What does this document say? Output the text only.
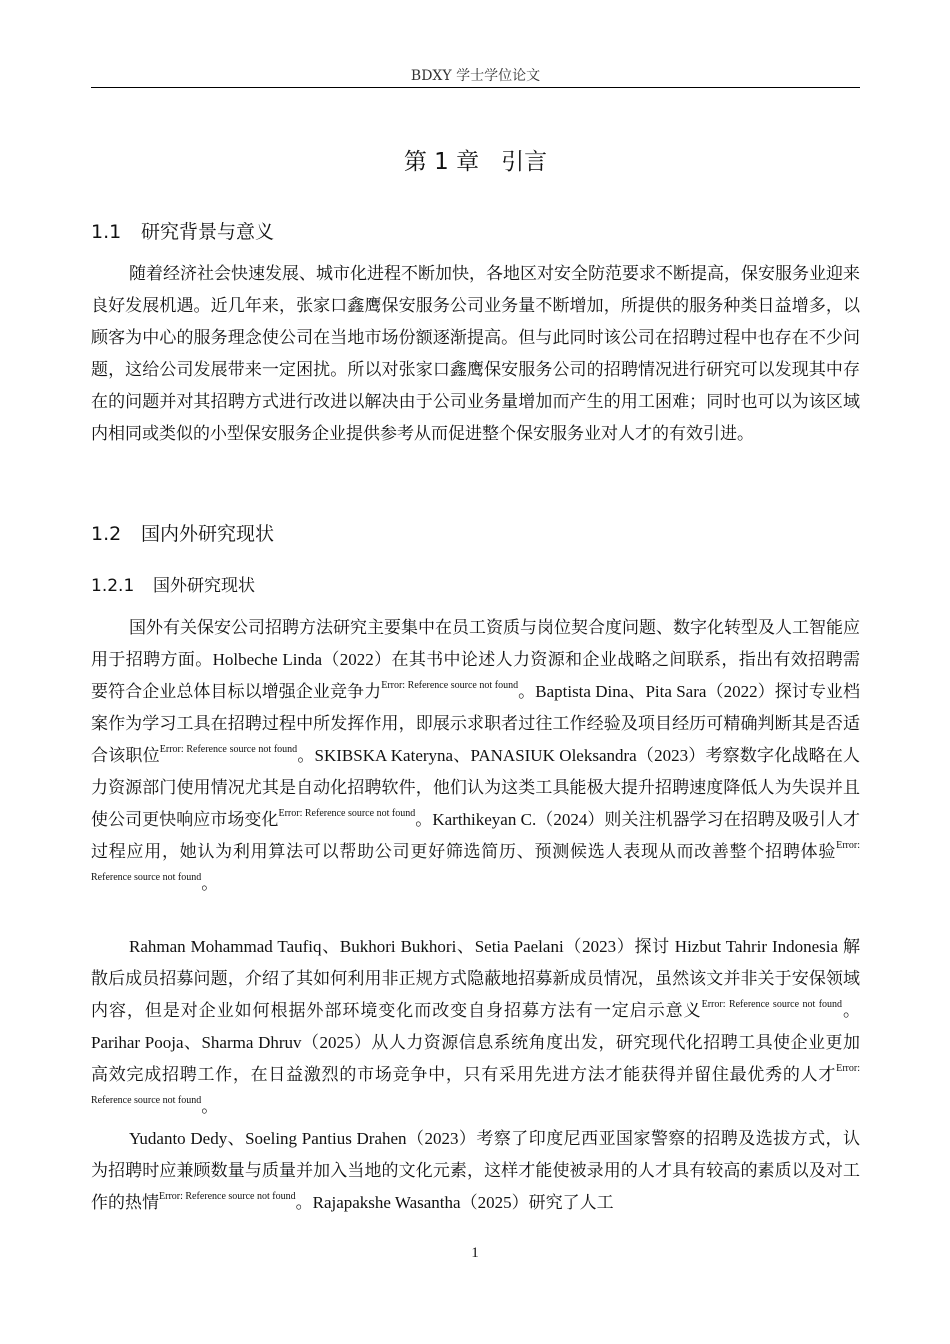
BDXY 学士学位论文
第 1 章 引言
1.1 研究背景与意义

随着经济社会快速发展、城市化进程不断加快，各地区对安全防范要求不断提高，保安服务业迎来良好发展机遇。近几年来，张家口鑫鹰保安服务公司业务量不断增加，所提供的服务种类日益增多，以顾客为中心的服务理念使公司在当地市场份额逐渐提高。但与此同时该公司在招聘过程中也存在不少问题，这给公司发展带来一定困扰。所以对张家口鑫鹰保安服务公司的招聘情况进行研究可以发现其中存在的问题并对其招聘方式进行改进以解决由于公司业务量增加而产生的用工困难；同时也可以为该区域内相同或类似的小型保安服务企业提供参考从而促进整个保安服务业对人才的有效引进。

1.2 国内外研究现状
1.2.1 国外研究现状

国外有关保安公司招聘方法研究主要集中在员工资质与岗位契合度问题、数字化转型及人工智能应用于招聘方面。Holbeche Linda（2022）在其书中论述人力资源和企业战略之间联系，指出有效招聘需要符合企业总体目标以增强企业竞争力$^{Error: Reference source not found}$。Baptista Dina、Pita Sara（2022）探讨专业档案作为学习工具在招聘过程中所发挥作用，即展示求职者过往工作经验及项目经历可精确判断其是否适合该职位$^{Error: Reference source not found}$。SKIBSKA Kateryna、PANASIUK Oleksandra（2023）考察数字化战略在人力资源部门使用情况尤其是自动化招聘软件，他们认为这类工具能极大提升招聘速度降低人为失误并且使公司更快响应市场变化$^{Error: Reference source not found}$。Karthikeyan C.（2024）则关注机器学习在招聘及吸引人才过程应用，她认为利用算法可以帮助公司更好筛选简历、预测候选人表现从而改善整个招聘体验$^{Error: Reference source not found}$。

Rahman Mohammad Taufiq、Bukhori Bukhori、Setia Paelani（2023）探讨 Hizbut Tahrir Indonesia 解散后成员招募问题，介绍了其如何利用非正规方式隐蔽地招募新成员情况，虽然该文并非关于安保领域内容，但是对企业如何根据外部环境变化而改变自身招募方法有一定启示意义$^{Error: Reference source not found}$。Parihar Pooja、Sharma Dhruv（2025）从人力资源信息系统角度出发，研究现代化招聘工具使企业更加高效完成招聘工作，在日益激烈的市场竞争中，只有采用先进方法才能获得并留住最优秀的人才$^{Error: Reference source not found}$。

Yudanto Dedy、Soeling Pantius Drahen（2023）考察了印度尼西亚国家警察的招聘及选拔方式，认为招聘时应兼顾数量与质量并加入当地的文化元素，这样才能使被录用的人才具有较高的素质以及对工作的热情$^{Error: Reference source not found}$。Rajapakshe Wasantha（2025）研究了人工

1
